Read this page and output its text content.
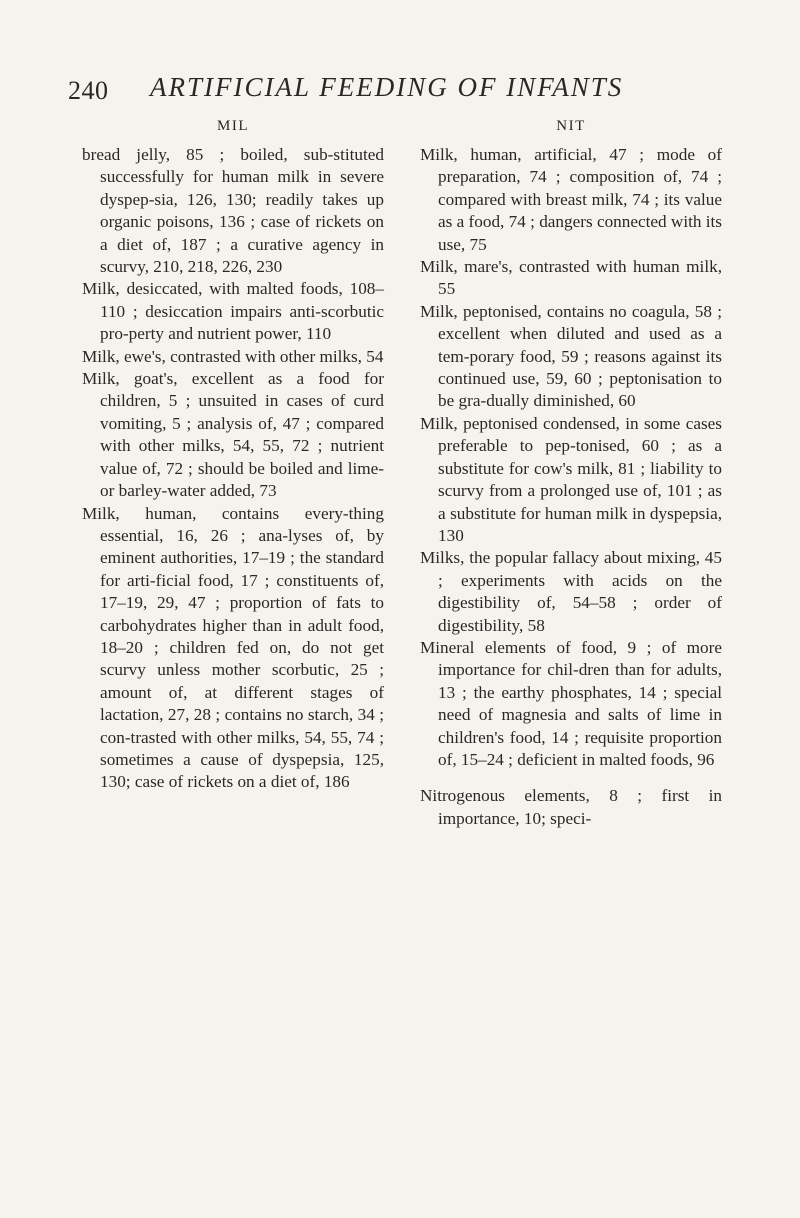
240 ARTIFICIAL FEEDING OF INFANTS
MIL

bread jelly, 85 ; boiled, sub-stituted successfully for human milk in severe dyspep-sia, 126, 130; readily takes up organic poisons, 136 ; case of rickets on a diet of, 187 ; a curative agency in scurvy, 210, 218, 226, 230

Milk, desiccated, with malted foods, 108–110 ; desiccation impairs anti-scorbutic pro-perty and nutrient power, 110

Milk, ewe's, contrasted with other milks, 54

Milk, goat's, excellent as a food for children, 5 ; unsuited in cases of curd vomiting, 5 ; analysis of, 47 ; compared with other milks, 54, 55, 72 ; nutrient value of, 72 ; should be boiled and lime- or barley-water added, 73

Milk, human, contains every-thing essential, 16, 26 ; ana-lyses of, by eminent authorities, 17–19 ; the standard for arti-ficial food, 17 ; constituents of, 17–19, 29, 47 ; proportion of fats to carbohydrates higher than in adult food, 18–20 ; children fed on, do not get scurvy unless mother scorbutic, 25 ; amount of, at different stages of lactation, 27, 28 ; contains no starch, 34 ; con-trasted with other milks, 54, 55, 74 ; sometimes a cause of dyspepsia, 125, 130; case of rickets on a diet of, 186

NIT

Milk, human, artificial, 47 ; mode of preparation, 74 ; composition of, 74 ; compared with breast milk, 74 ; its value as a food, 74 ; dangers connected with its use, 75

Milk, mare's, contrasted with human milk, 55

Milk, peptonised, contains no coagula, 58 ; excellent when diluted and used as a tem-porary food, 59 ; reasons against its continued use, 59, 60 ; peptonisation to be gra-dually diminished, 60

Milk, peptonised condensed, in some cases preferable to pep-tonised, 60 ; as a substitute for cow's milk, 81 ; liability to scurvy from a prolonged use of, 101 ; as a substitute for human milk in dyspepsia, 130

Milks, the popular fallacy about mixing, 45 ; experiments with acids on the digestibility of, 54–58 ; order of digestibility, 58

Mineral elements of food, 9 ; of more importance for chil-dren than for adults, 13 ; the earthy phosphates, 14 ; special need of magnesia and salts of lime in children's food, 14 ; requisite proportion of, 15–24 ; deficient in malted foods, 96

Nitrogenous elements, 8 ; first in importance, 10; speci-
